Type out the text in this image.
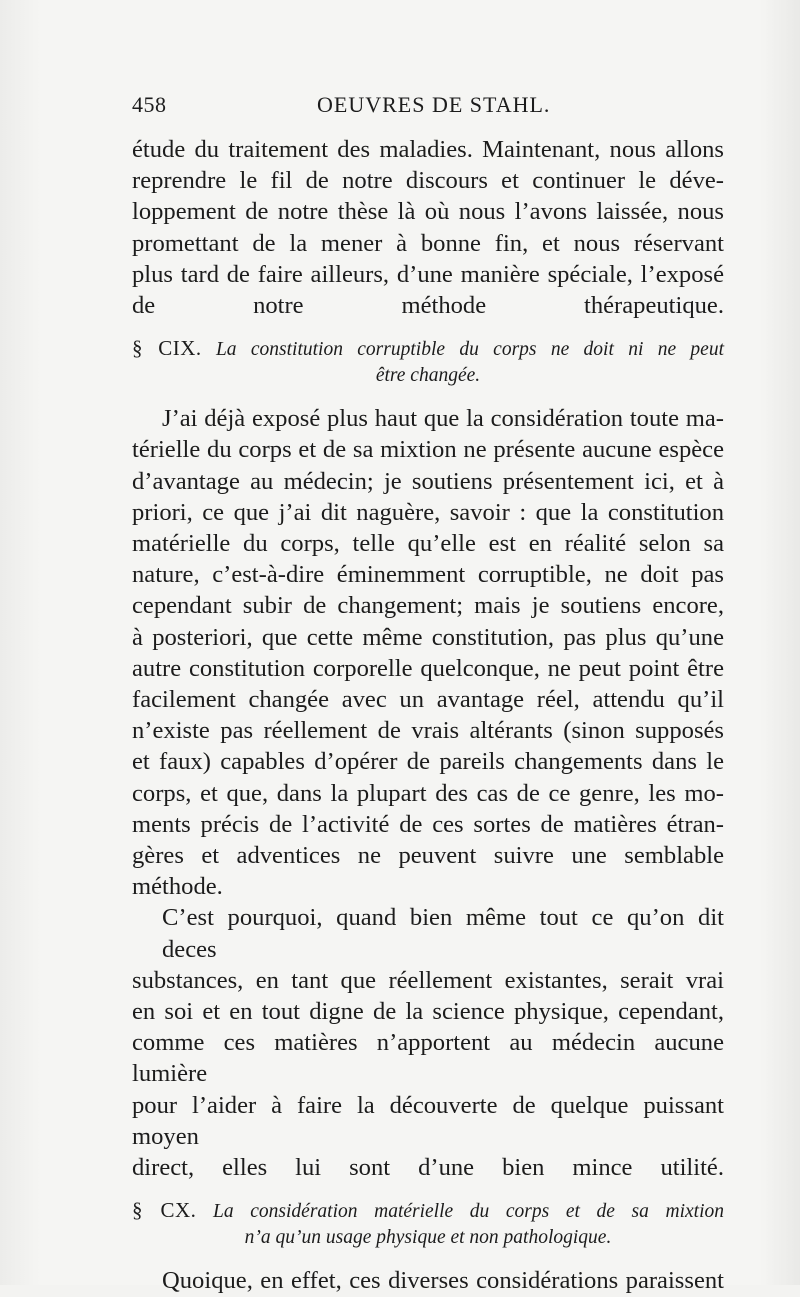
458	OEUVRES DE STAHL.
étude du traitement des maladies. Maintenant, nous allons
reprendre le fil de notre discours et continuer le déve-
loppement de notre thèse là où nous l’avons laissée, nous
promettant de la mener à bonne fin, et nous réservant
plus tard de faire ailleurs, d’une manière spéciale, l’exposé
de notre méthode thérapeutique.
§ CIX. La constitution corruptible du corps ne doit ni ne peut
être changée.
J’ai déjà exposé plus haut que la considération toute ma-
térielle du corps et de sa mixtion ne présente aucune espèce
d’avantage au médecin; je soutiens présentement ici, et à
priori, ce que j’ai dit naguère, savoir : que la constitution
matérielle du corps, telle qu’elle est en réalité selon sa
nature, c’est-à-dire éminemment corruptible, ne doit pas
cependant subir de changement; mais je soutiens encore,
à posteriori, que cette même constitution, pas plus qu’une
autre constitution corporelle quelconque, ne peut point être
facilement changée avec un avantage réel, attendu qu’il
n’existe pas réellement de vrais altérants (sinon supposés
et faux) capables d’opérer de pareils changements dans le
corps, et que, dans la plupart des cas de ce genre, les mo-
ments précis de l’activité de ces sortes de matières étran-
gères et adventices ne peuvent suivre une semblable
méthode.
C’est pourquoi, quand bien même tout ce qu’on dit deces
substances, en tant que réellement existantes, serait vrai
en soi et en tout digne de la science physique, cependant,
comme ces matières n’apportent au médecin aucune lumière
pour l’aider à faire la découverte de quelque puissant moyen
direct, elles lui sont d’une bien mince utilité.
§ CX. La considération matérielle du corps et de sa mixtion
n’a qu’un usage physique et non pathologique.
Quoique, en effet, ces diverses considérations paraissent
